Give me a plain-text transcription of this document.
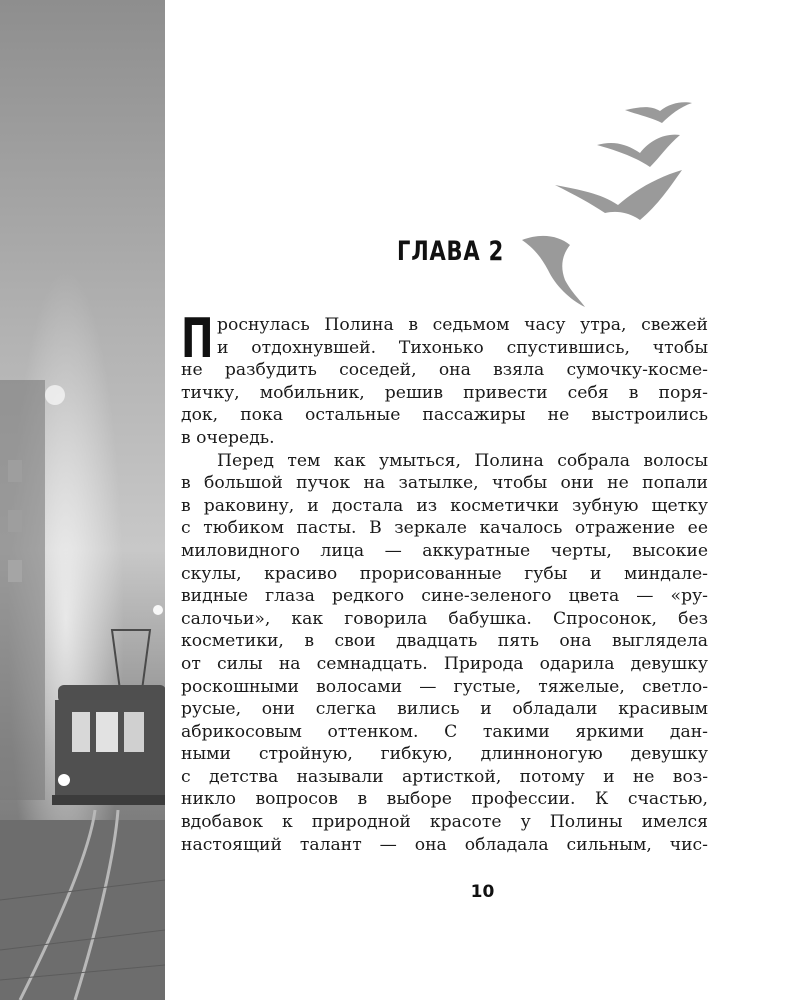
ГЛАВА 2
П роснулась Полина в седьмом часу утра, свежей
и отдохнувшей. Тихонько спустившись, чтобы
не разбудить соседей, она взяла сумочку-косме-
тичку, мобильник, решив привести себя в поря-
док, пока остальные пассажиры не выстроились
в очередь.
Перед тем как умыться, Полина собрала волосы
в большой пучок на затылке, чтобы они не попали
в раковину, и достала из косметички зубную щетку
с тюбиком пасты. В зеркале качалось отражение ее
миловидного лица — аккуратные черты, высокие
скулы, красиво прорисованные губы и миндале-
видные глаза редкого сине-зеленого цвета — «ру-
салочьи», как говорила бабушка. Спросонок, без
косметики, в свои двадцать пять она выглядела
от силы на семнадцать. Природа одарила девушку
роскошными волосами — густые, тяжелые, светло-
русые, они слегка вились и обладали красивым
абрикосовым оттенком. С такими яркими дан-
ными стройную, гибкую, длинноногую девушку
с детства называли артисткой, потому и не воз-
никло вопросов в выборе профессии. К счастью,
вдобавок к природной красоте у Полины имелся
настоящий талант — она обладала сильным, чис-
10
